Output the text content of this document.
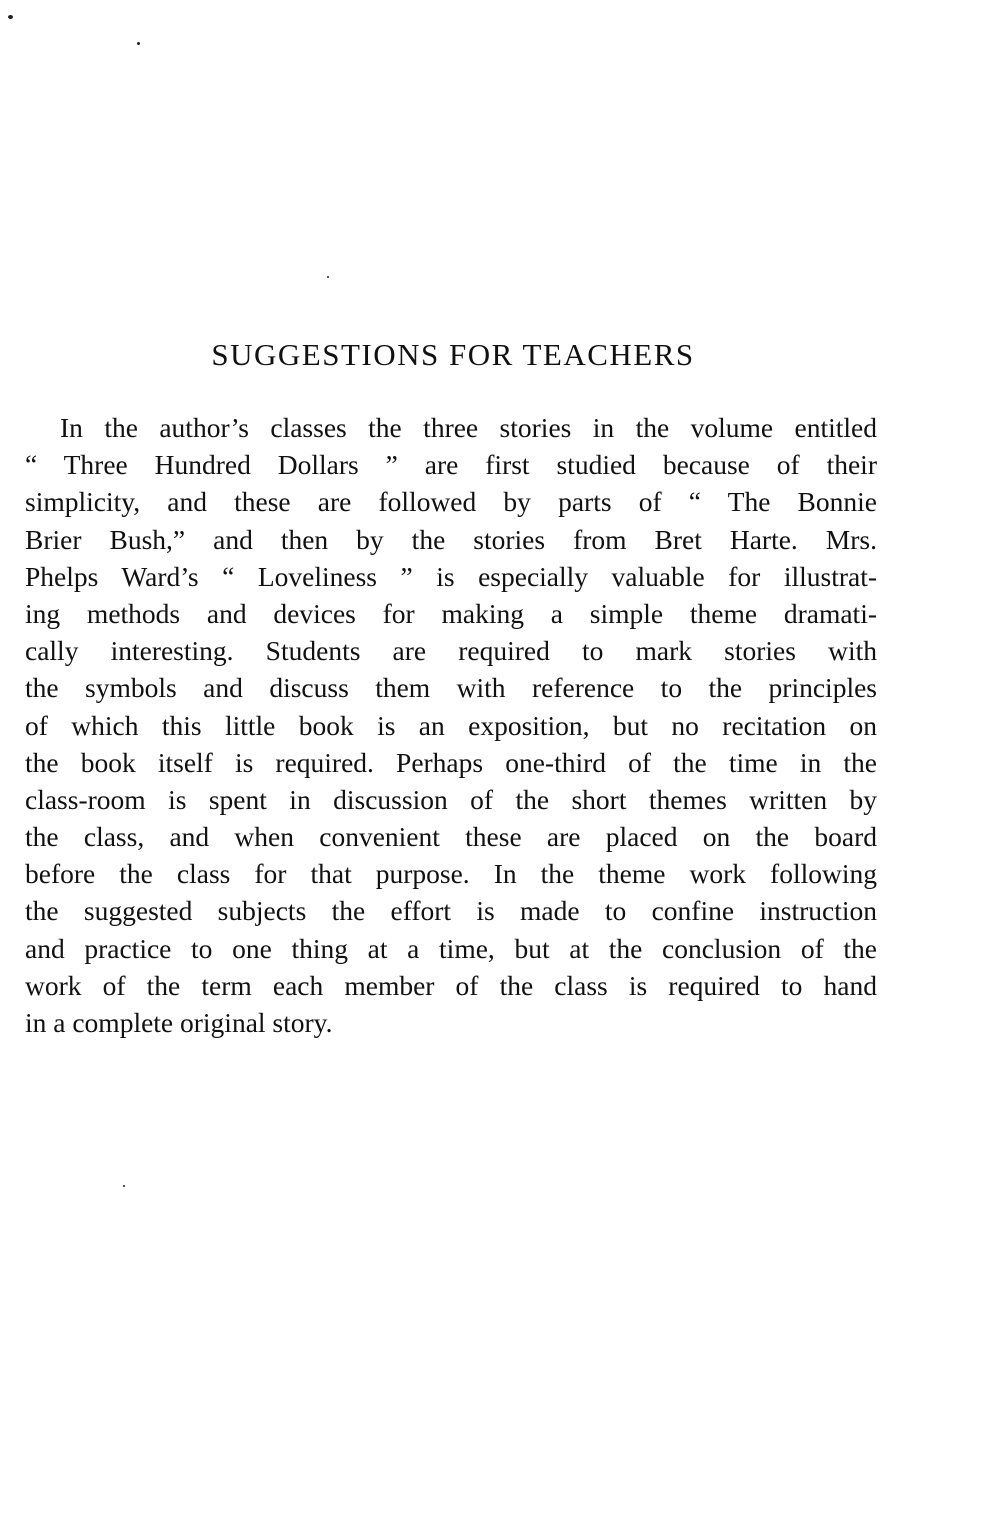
SUGGESTIONS FOR TEACHERS
In the author’s classes the three stories in the volume entitled
“ Three Hundred Dollars ” are first studied because of their
simplicity, and these are followed by parts of “ The Bonnie
Brier Bush,” and then by the stories from Bret Harte. Mrs.
Phelps Ward’s “ Loveliness ” is especially valuable for illustrat-
ing methods and devices for making a simple theme dramati-
cally interesting. Students are required to mark stories with
the symbols and discuss them with reference to the principles
of which this little book is an exposition, but no recitation on
the book itself is required. Perhaps one-third of the time in the
class-room is spent in discussion of the short themes written by
the class, and when convenient these are placed on the board
before the class for that purpose. In the theme work following
the suggested subjects the effort is made to confine instruction
and practice to one thing at a time, but at the conclusion of the
work of the term each member of the class is required to hand
in a complete original story.
